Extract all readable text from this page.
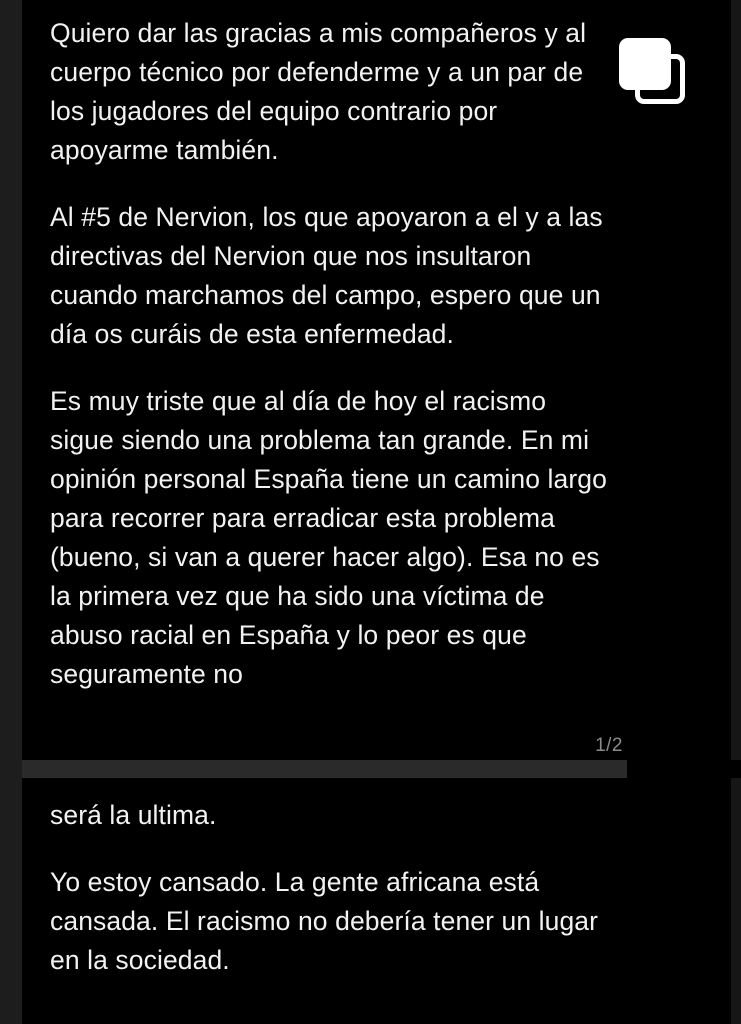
Quiero dar las gracias a mis compañeros y al cuerpo técnico por defenderme y a un par de los jugadores del equipo contrario por apoyarme también.

Al #5 de Nervion, los que apoyaron a el y a las directivas del Nervion que nos insultaron cuando marchamos del campo, espero que un día os curáis de esta enfermedad.

Es muy triste que al día de hoy el racismo sigue siendo una problema tan grande. En mi opinión personal España tiene un camino largo para recorrer para erradicar esta problema (bueno, si van a querer hacer algo). Esa no es la primera vez que ha sido una víctima de abuso racial en España y lo peor es que seguramente no

1/2

será la ultima.

Yo estoy cansado. La gente africana está cansada. El racismo no debería tener un lugar en la sociedad.
